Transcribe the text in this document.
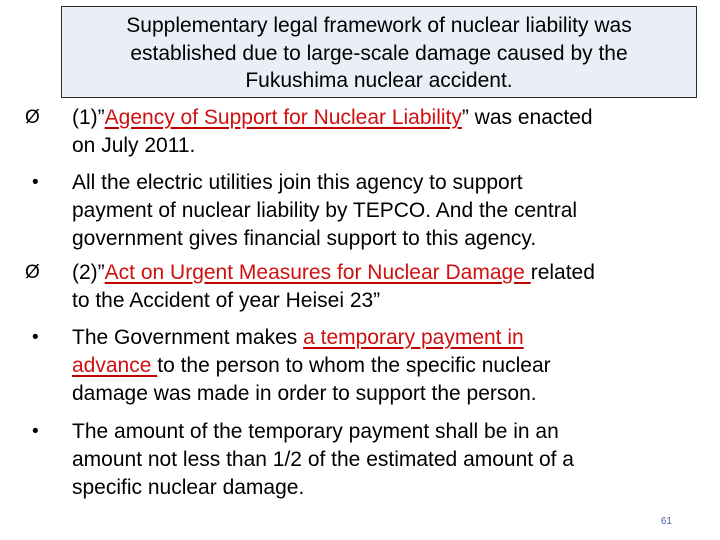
Supplementary legal framework of nuclear liability was
established due to large-scale damage caused by the
Fukushima nuclear accident.
Ø	(1)”Agency of Support for Nuclear Liability” was enacted
on July 2011.
•	All the electric utilities join this agency to support
payment of nuclear liability by TEPCO. And the central
government gives financial support to this agency.
Ø	(2)”Act on Urgent Measures for Nuclear Damage related
to the Accident of year Heisei 23”
•	The Government makes a temporary payment in
advance to the person to whom the specific nuclear
damage was made in order to support the person.
•	The amount of the temporary payment shall be in an
amount not less than 1/2 of the estimated amount of a
specific nuclear damage.
61
